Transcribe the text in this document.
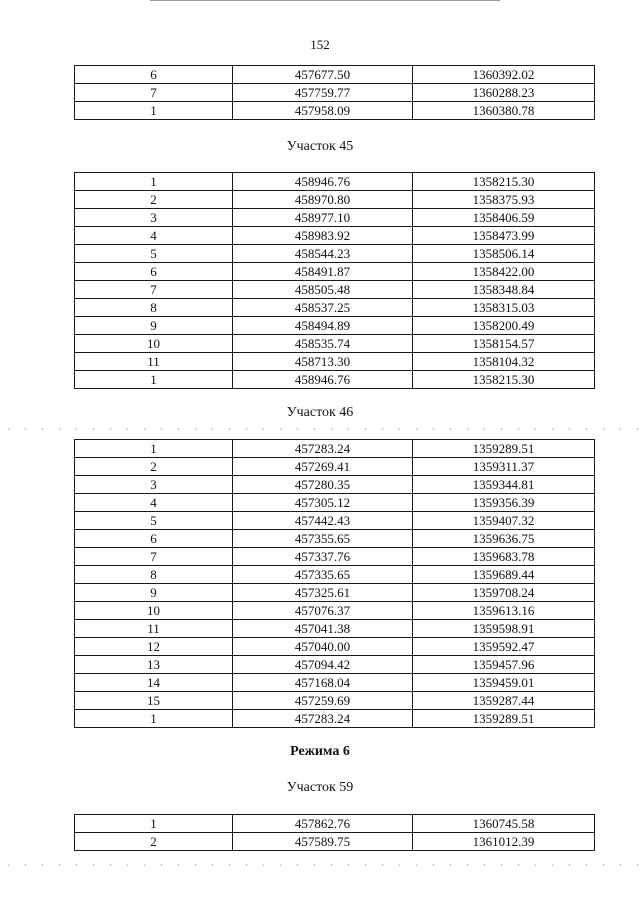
152
6	457677.50	1360392.02
7	457759.77	1360288.23
1	457958.09	1360380.78
Участок 45
1	458946.76	1358215.30
2	458970.80	1358375.93
3	458977.10	1358406.59
4	458983.92	1358473.99
5	458544.23	1358506.14
6	458491.87	1358422.00
7	458505.48	1358348.84
8	458537.25	1358315.03
9	458494.89	1358200.49
10	458535.74	1358154.57
11	458713.30	1358104.32
1	458946.76	1358215.30
Участок 46
1	457283.24	1359289.51
2	457269.41	1359311.37
3	457280.35	1359344.81
4	457305.12	1359356.39
5	457442.43	1359407.32
6	457355.65	1359636.75
7	457337.76	1359683.78
8	457335.65	1359689.44
9	457325.61	1359708.24
10	457076.37	1359613.16
11	457041.38	1359598.91
12	457040.00	1359592.47
13	457094.42	1359457.96
14	457168.04	1359459.01
15	457259.69	1359287.44
1	457283.24	1359289.51
Режима 6
Участок 59
1	457862.76	1360745.58
2	457589.75	1361012.39
